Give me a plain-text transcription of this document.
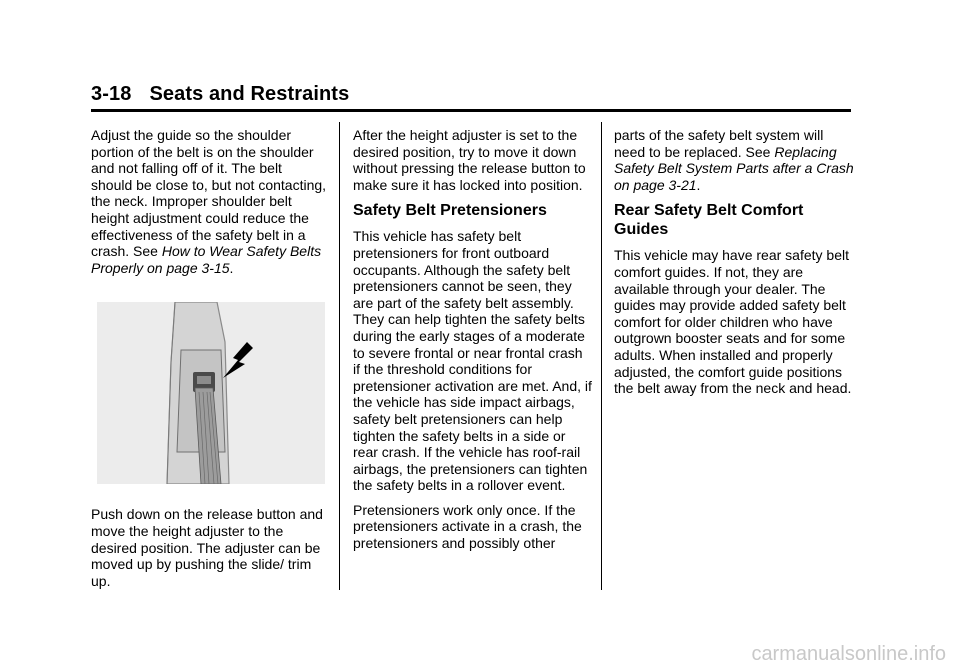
3-18 Seats and Restraints

Adjust the guide so the shoulder portion of the belt is on the shoulder and not falling off of it. The belt should be close to, but not contacting, the neck. Improper shoulder belt height adjustment could reduce the effectiveness of the safety belt in a crash. See How to Wear Safety Belts Properly on page 3-15.

Push down on the release button and move the height adjuster to the desired position. The adjuster can be moved up by pushing the slide/ trim up.

After the height adjuster is set to the desired position, try to move it down without pressing the release button to make sure it has locked into position.

Safety Belt Pretensioners

This vehicle has safety belt pretensioners for front outboard occupants. Although the safety belt pretensioners cannot be seen, they are part of the safety belt assembly. They can help tighten the safety belts during the early stages of a moderate to severe frontal or near frontal crash if the threshold conditions for pretensioner activation are met. And, if the vehicle has side impact airbags, safety belt pretensioners can help tighten the safety belts in a side or rear crash. If the vehicle has roof-rail airbags, the pretensioners can tighten the safety belts in a rollover event.

Pretensioners work only once. If the pretensioners activate in a crash, the pretensioners and possibly other

parts of the safety belt system will need to be replaced. See Replacing Safety Belt System Parts after a Crash on page 3-21.

Rear Safety Belt Comfort Guides

This vehicle may have rear safety belt comfort guides. If not, they are available through your dealer. The guides may provide added safety belt comfort for older children who have outgrown booster seats and for some adults. When installed and properly adjusted, the comfort guide positions the belt away from the neck and head.

carmanualsonline.info
